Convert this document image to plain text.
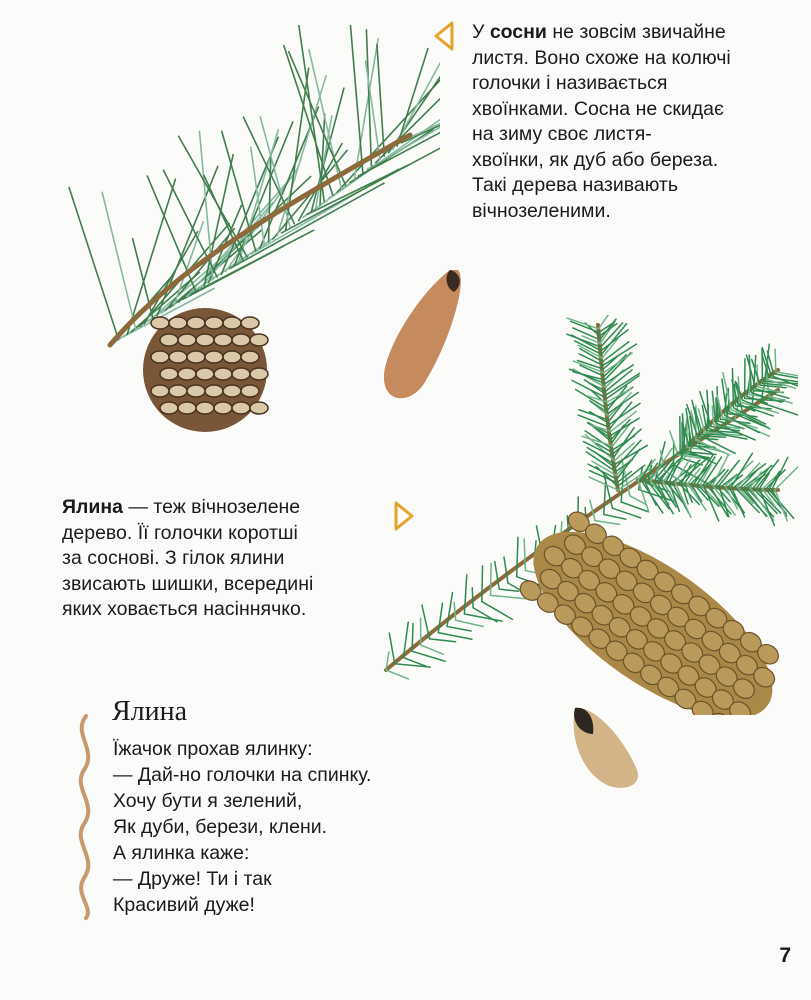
У сосни не зовсім звичайне
листя. Воно схоже на колючі
голочки і називається
хвоїнками. Сосна не скидає
на зиму своє листя-
хвоїнки, як дуб або береза.
Такі дерева називають
вічнозеленими.

Ялина — теж вічнозелене
дерево. Її голочки коротші
за соснові. З гілок ялини
звисають шишки, всередині
яких ховається насіннячко.

Ялина
Їжачок прохав ялинку:
— Дай-но голочки на спинку.
Хочу бути я зелений,
Як дуби, берези, клени.
А ялинка каже:
— Друже! Ти і так
Красивий дуже!
7
